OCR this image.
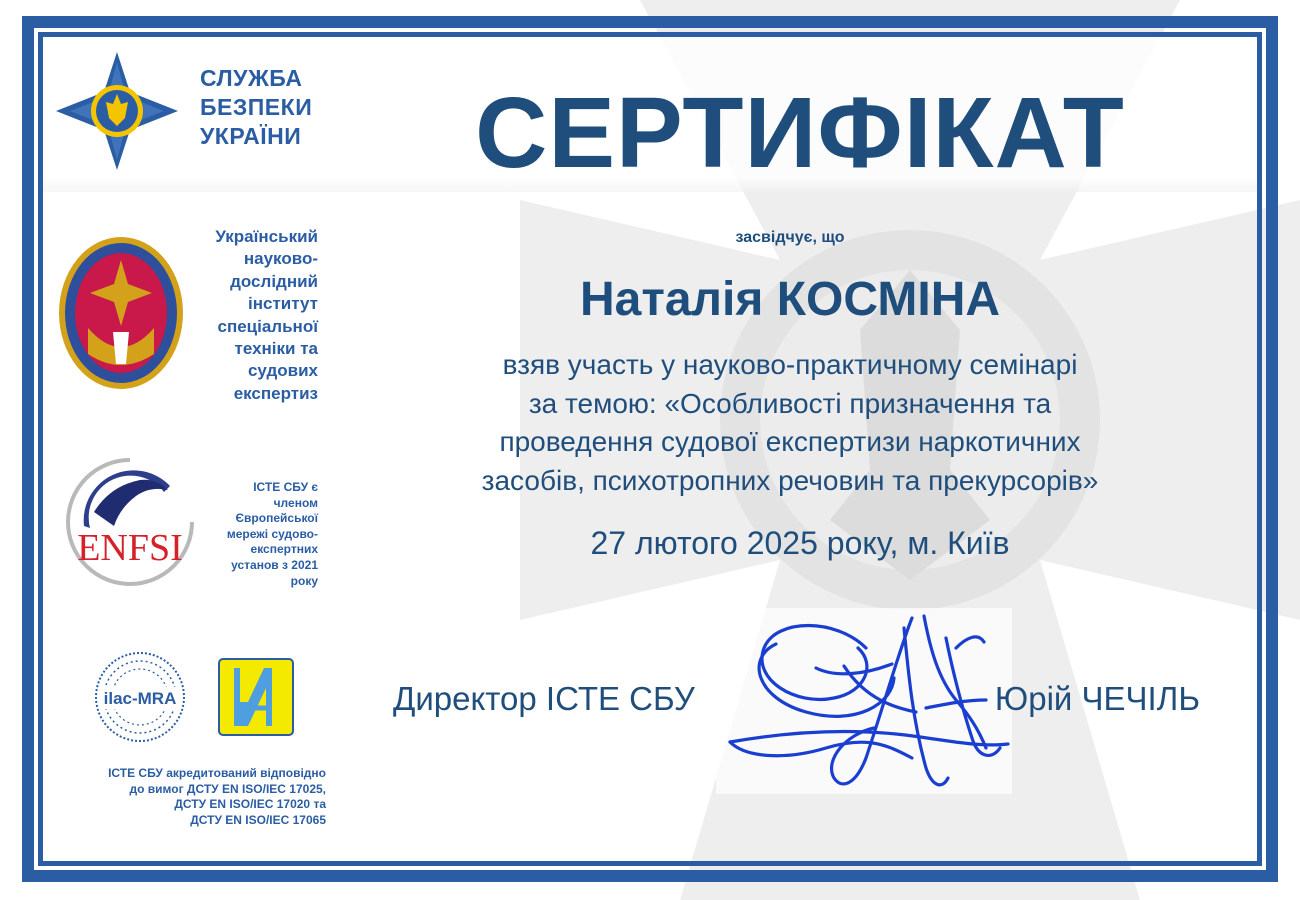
СЛУЖБА
БЕЗПЕКИ
УКРАЇНИ	СЕРТИФІКАТ
Український
науково-
дослідний
інститут
спеціальної
техніки та
судових
експертиз
ENFSI
ІСТЕ СБУ є
членом
Європейської
мережі судово-
експертних
установ з 2021
року
ilac-MRA
ІСТЕ СБУ акредитований відповідно
до вимог ДСТУ EN ISO/IEC 17025,
ДСТУ EN ISO/IEC 17020 та
ДСТУ EN ISO/IEC 17065
засвідчує, що
Наталія КОСМІНА
взяв участь у науково-практичному семінарі
за темою: «Особливості призначення та
проведення судової експертизи наркотичних
засобів, психотропних речовин та прекурсорів»
27 лютого 2025 року, м. Київ
Директор ІСТЕ СБУ	Юрій ЧЕЧІЛЬ
